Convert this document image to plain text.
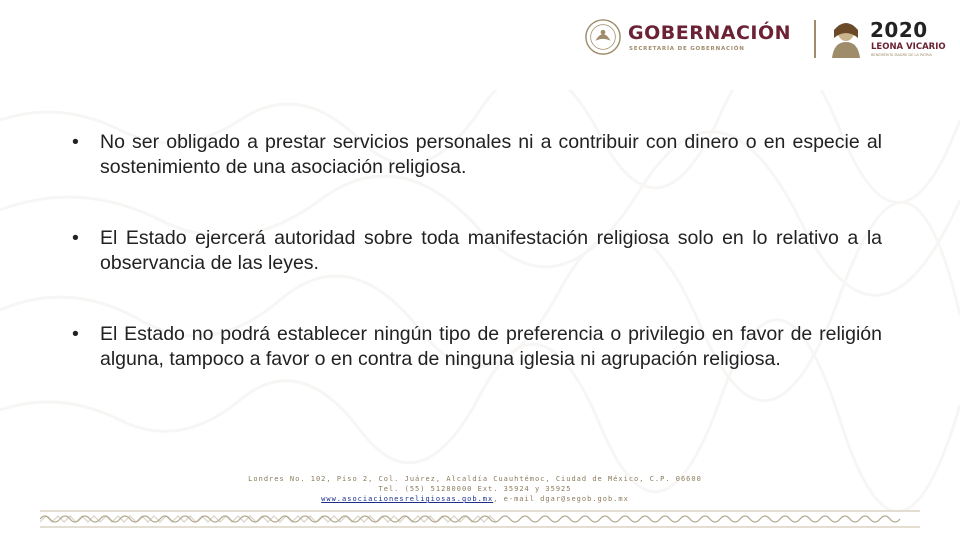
GOBERNACIÓN
SECRETARÍA DE GOBERNACIÓN
2020
LEONA VICARIO
BENEMÉRITA MADRE DE LA PATRIA
• No ser obligado a prestar servicios personales ni a contribuir con dinero o en especie al sostenimiento de una asociación religiosa.
• El Estado ejercerá autoridad sobre toda manifestación religiosa solo en lo relativo a la observancia de las leyes.
• El Estado no podrá establecer ningún tipo de preferencia o privilegio en favor de religión alguna, tampoco a favor o en contra de ninguna iglesia ni agrupación religiosa.
Londres No. 102, Piso 2, Col. Juárez, Alcaldía Cuauhtémoc, Ciudad de México, C.P. 06600
Tel. (55) 51280000 Ext. 35924 y 35925
www.asociacionesreligiosas.gob.mx, e-mail dgar@segob.gob.mx
